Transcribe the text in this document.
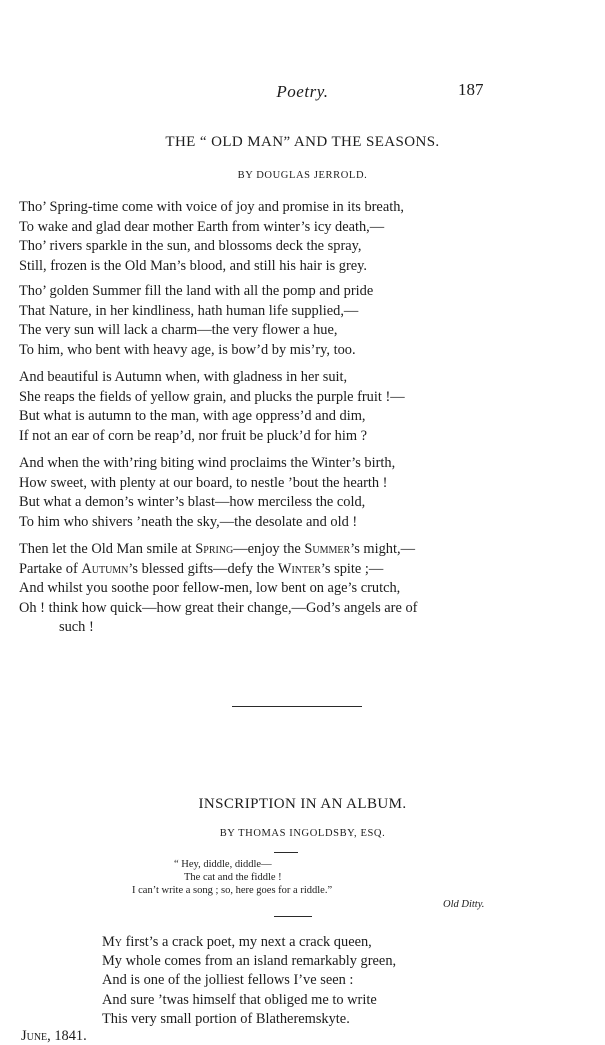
Poetry.	187
THE “ OLD MAN” AND THE SEASONS.
BY DOUGLAS JERROLD.
Tho’ Spring-time come with voice of joy and promise in its breath,
To wake and glad dear mother Earth from winter’s icy death,—
Tho’ rivers sparkle in the sun, and blossoms deck the spray,
Still, frozen is the Old Man’s blood, and still his hair is grey.
Tho’ golden Summer fill the land with all the pomp and pride
That Nature, in her kindliness, hath human life supplied,—
The very sun will lack a charm—the very flower a hue,
To him, who bent with heavy age, is bow’d by mis’ry, too.
And beautiful is Autumn when, with gladness in her suit,
She reaps the fields of yellow grain, and plucks the purple fruit !—
But what is autumn to the man, with age oppress’d and dim,
If not an ear of corn be reap’d, nor fruit be pluck’d for him ?
And when the with’ring biting wind proclaims the Winter’s birth,
How sweet, with plenty at our board, to nestle ’bout the hearth !
But what a demon’s winter’s blast—how merciless the cold,
To him who shivers ’neath the sky,—the desolate and old !
Then let the Old Man smile at Spring—enjoy the Summer’s might,—
Partake of Autumn’s blessed gifts—defy the Winter’s spite ;—
And whilst you soothe poor fellow-men, low bent on age’s crutch,
Oh ! think how quick—how great their change,—God’s angels are of
such !
INSCRIPTION IN AN ALBUM.
BY THOMAS INGOLDSBY, ESQ.
“ Hey, diddle, diddle—
The cat and the fiddle !
I can’t write a song ; so, here goes for a riddle.”
Old Ditty.
My first’s a crack poet, my next a crack queen,
My whole comes from an island remarkably green,
And is one of the jolliest fellows I’ve seen :
And sure ’twas himself that obliged me to write
This very small portion of Blatheremskyte.
June, 1841.
